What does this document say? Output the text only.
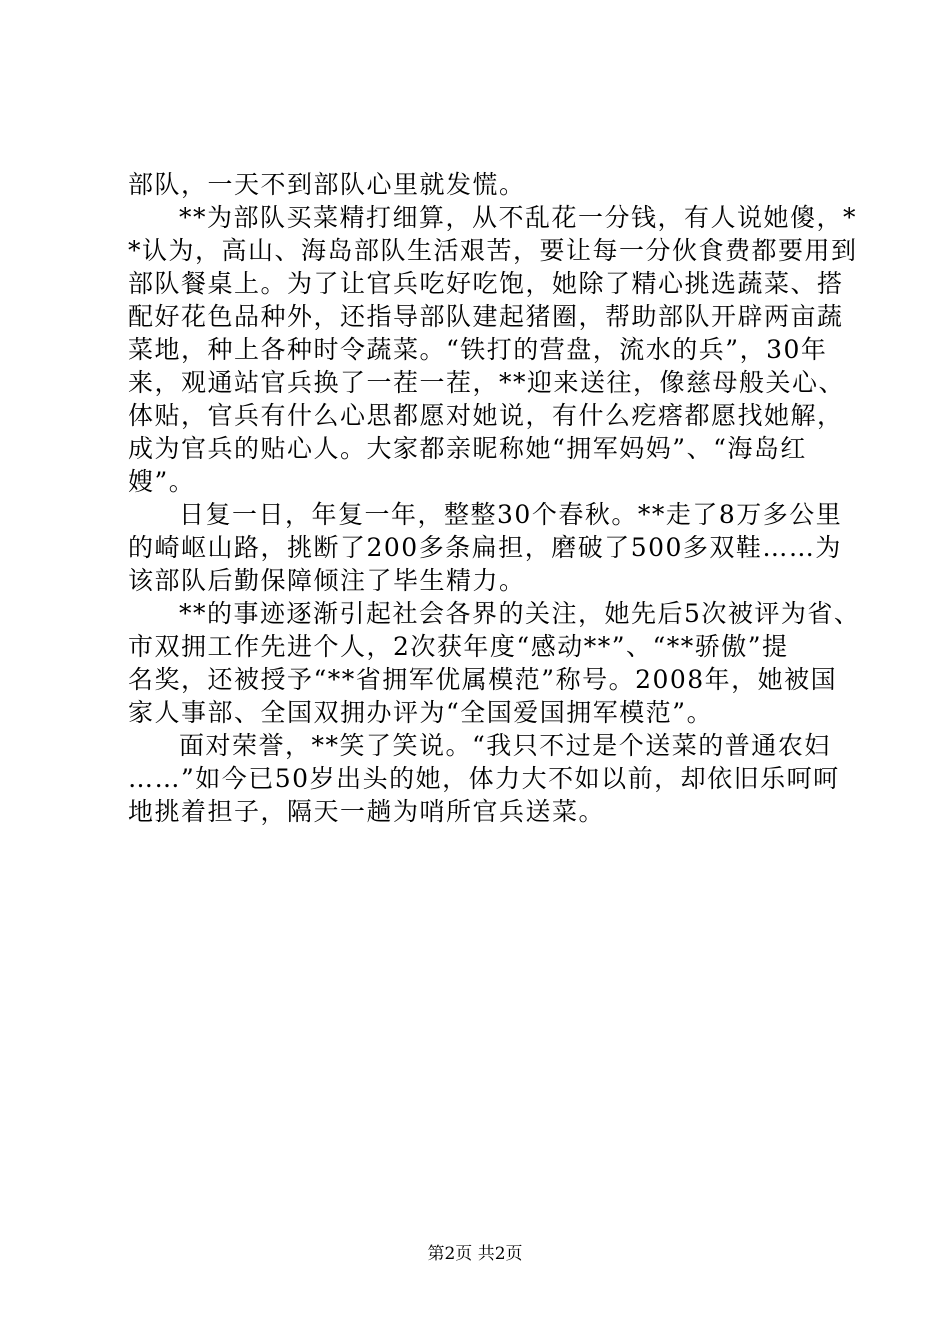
部队，一天不到部队心里就发慌。
**为部队买菜精打细算，从不乱花一分钱，有人说她傻，*
*认为，高山、海岛部队生活艰苦，要让每一分伙食费都要用到
部队餐桌上。为了让官兵吃好吃饱，她除了精心挑选蔬菜、搭
配好花色品种外，还指导部队建起猪圈，帮助部队开辟两亩蔬
菜地，种上各种时令蔬菜。“铁打的营盘，流水的兵”，30年
来，观通站官兵换了一茬一茬，**迎来送往，像慈母般关心、
体贴，官兵有什么心思都愿对她说，有什么疙瘩都愿找她解，
成为官兵的贴心人。大家都亲昵称她“拥军妈妈”、“海岛红
嫂”。
日复一日，年复一年，整整30个春秋。**走了8万多公里
的崎岖山路，挑断了200多条扁担，磨破了500多双鞋……为
该部队后勤保障倾注了毕生精力。
**的事迹逐渐引起社会各界的关注，她先后5次被评为省、
市双拥工作先进个人，2次获年度“感动**”、“**骄傲”提
名奖，还被授予“**省拥军优属模范”称号。2008年，她被国
家人事部、全国双拥办评为“全国爱国拥军模范”。
面对荣誉，**笑了笑说。“我只不过是个送菜的普通农妇
……”如今已50岁出头的她，体力大不如以前，却依旧乐呵呵
地挑着担子，隔天一趟为哨所官兵送菜。
第2页 共2页
